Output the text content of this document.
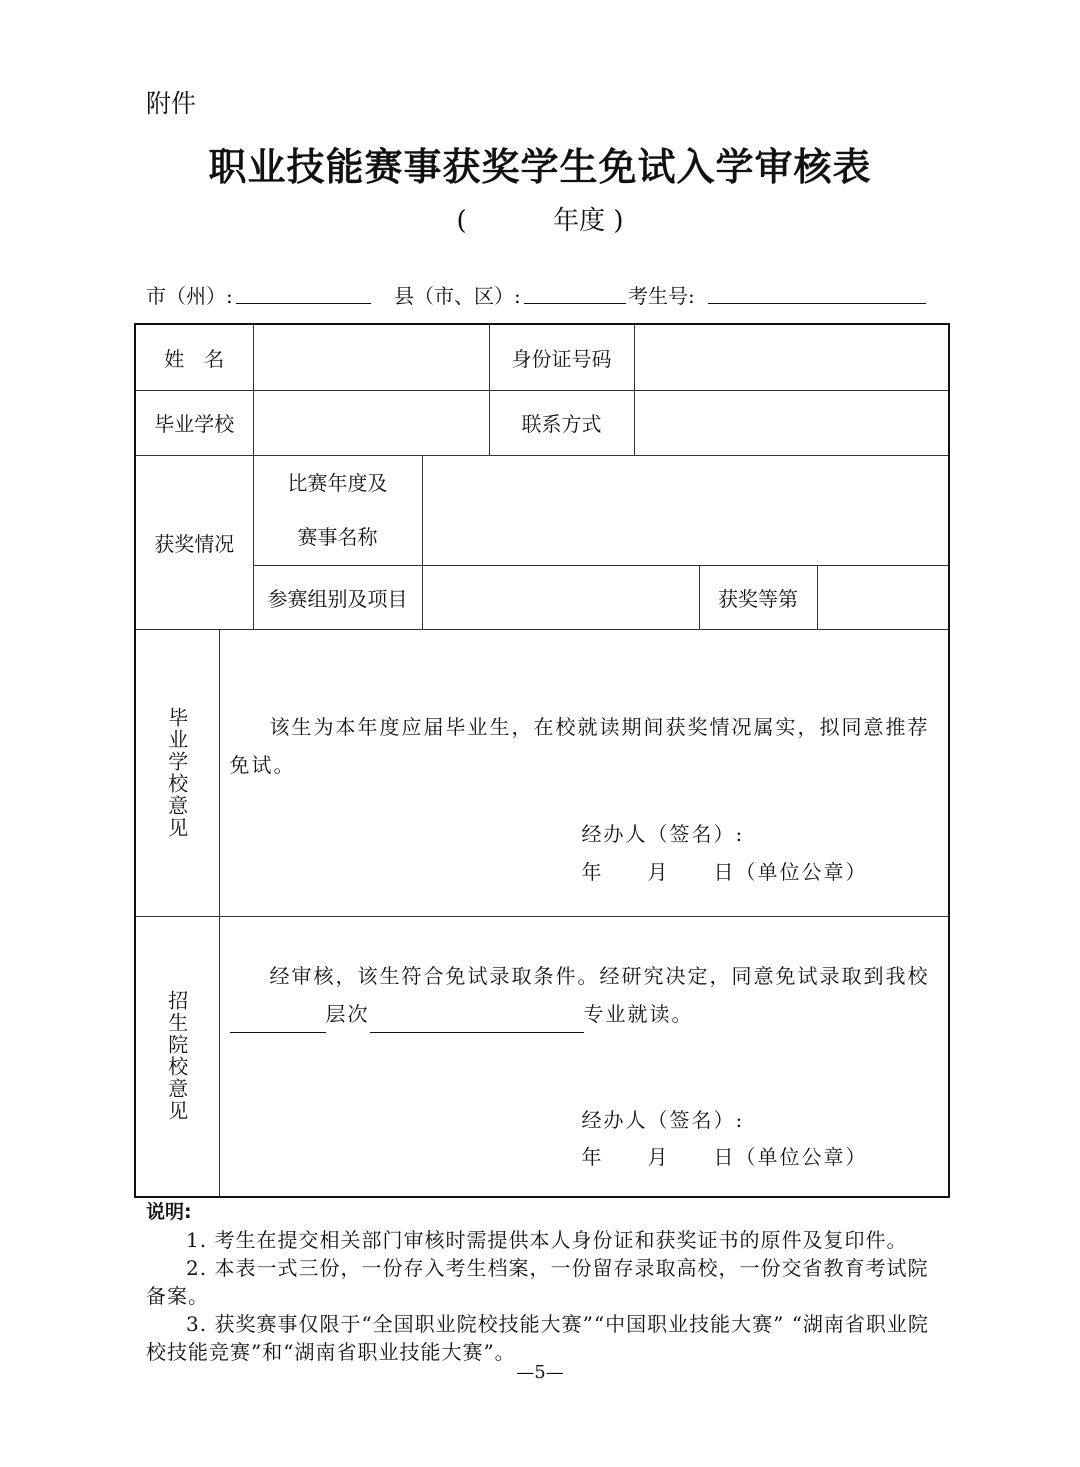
附件
职业技能赛事获奖学生免试入学审核表
(	年度 )
市（州）:	县（市、区）:	考生号:
姓　名				身份证号码			
毕业学校				联系方式			

获奖情况		比赛年度及
赛事名称					

		参赛组别及项目				获奖等第	

毕业学校意见	该生为本年度应届毕业生，在校就读期间获奖情况属实，拟同意推荐免试。
经办人（签名）:
年　　月　　日（单位公章）						

招生院校意见	经审核，该生符合免试录取条件。经研究决定，同意免试录取到我校层次 专业就读。
经办人（签名）:
年　　月　　日（单位公章）						
说明:
1. 考生在提交相关部门审核时需提供本人身份证和获奖证书的原件及复印件。
2. 本表一式三份，一份存入考生档案，一份留存录取高校，一份交省教育考试院备案。
3. 获奖赛事仅限于“全国职业院校技能大赛”“中国职业技能大赛” “湖南省职业院校技能竞赛”和“湖南省职业技能大赛”。
—5—
